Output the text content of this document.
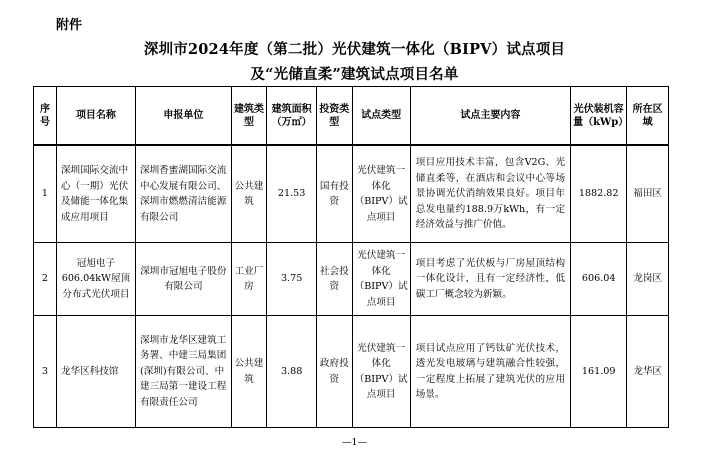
附件
深圳市2024年度（第二批）光伏建筑一体化（BIPV）试点项目
及“光储直柔”建筑试点项目名单
序号	项目名称	申报单位	建筑类型	建筑面积（万㎡）	投资类型	试点类型	试点主要内容	光伏装机容量（kWp）	所在区域
1	深圳国际交流中心（一期）光伏及储能一体化集成应用项目	深圳香蜜湖国际交流中心发展有限公司、深圳市燃燃清洁能源有限公司	公共建筑	21.53	国有投资	光伏建筑一体化（BIPV）试点项目	项目应用技术丰富，包含V2G、光储直柔等，在酒店和会议中心等场景协调光伏消纳效果良好。项目年总发电量约188.9万kWh，有一定经济效益与推广价值。	1882.82	福田区
2	冠旭电子606.04kW屋顶分布式光伏项目	深圳市冠旭电子股份有限公司	工业厂房	3.75	社会投资	光伏建筑一体化（BIPV）试点项目	项目考虑了光伏板与厂房屋顶结构一体化设计，且有一定经济性，低碳工厂概念较为新颖。	606.04	龙岗区
3	龙华区科技馆	深圳市龙华区建筑工务署、中建三局集团(深圳)有限公司、中建三局第一建设工程有限责任公司	公共建筑	3.88	政府投资	光伏建筑一体化（BIPV）试点项目	项目试点应用了钙钛矿光伏技术，透光发电玻璃与建筑融合性较强，一定程度上拓展了建筑光伏的应用场景。	161.09	龙华区
—1—
